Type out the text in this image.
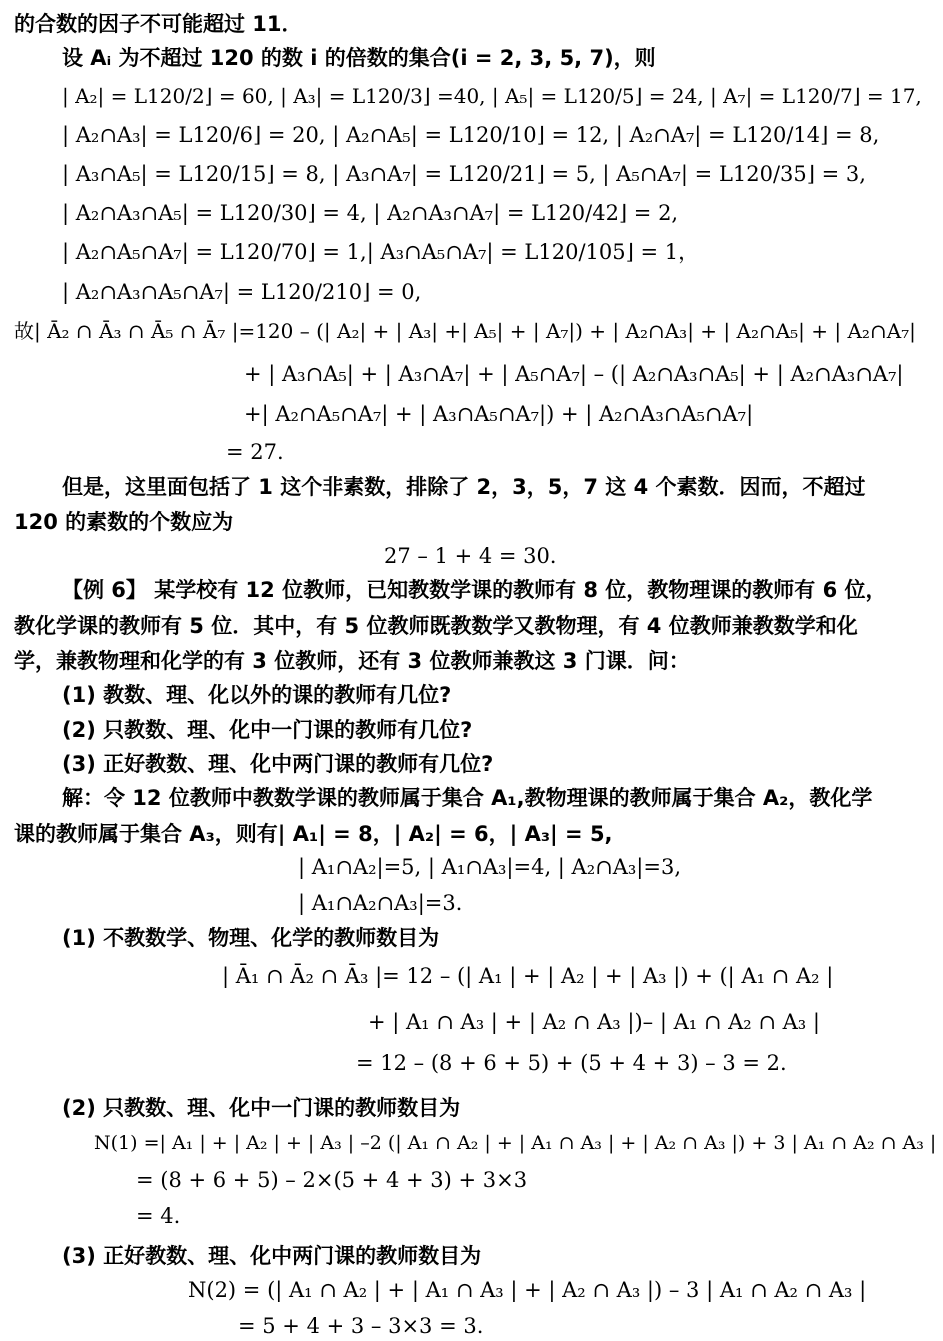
的合数的因子不可能超过 11．
设 Aᵢ 为不超过 120 的数 i 的倍数的集合(i = 2, 3, 5, 7)，则
| A₂| = L120/2⌋ = 60, | A₃| = L120/3⌋ =40, | A₅| = L120/5⌋ = 24, | A₇| = L120/7⌋ = 17,
| A₂∩A₃| = L120/6⌋ = 20, | A₂∩A₅| = L120/10⌋ = 12, | A₂∩A₇| = L120/14⌋ = 8,
| A₃∩A₅| = L120/15⌋ = 8, | A₃∩A₇| = L120/21⌋ = 5, | A₅∩A₇| = L120/35⌋ = 3,
| A₂∩A₃∩A₅| = L120/30⌋ = 4, | A₂∩A₃∩A₇| = L120/42⌋ = 2,
| A₂∩A₅∩A₇| = L120/70⌋ = 1,| A₃∩A₅∩A₇| = L120/105⌋ = 1，
| A₂∩A₃∩A₅∩A₇| = L120/210⌋ = 0,
故| Ā₂ ∩ Ā₃ ∩ Ā₅ ∩ Ā₇ |=120 – (| A₂| + | A₃| +| A₅| + | A₇|) + | A₂∩A₃| + | A₂∩A₅| + | A₂∩A₇|
+ | A₃∩A₅| + | A₃∩A₇| + | A₅∩A₇| – (| A₂∩A₃∩A₅| + | A₂∩A₃∩A₇|
+| A₂∩A₅∩A₇| + | A₃∩A₅∩A₇|) + | A₂∩A₃∩A₅∩A₇|
= 27.
但是，这里面包括了 1 这个非素数，排除了 2，3，5，7 这 4 个素数．因而，不超过
120 的素数的个数应为
27 – 1 + 4 = 30．
【例 6】 某学校有 12 位教师，已知教数学课的教师有 8 位，教物理课的教师有 6 位，
教化学课的教师有 5 位．其中，有 5 位教师既教数学又教物理，有 4 位教师兼教数学和化
学，兼教物理和化学的有 3 位教师，还有 3 位教师兼教这 3 门课．问：
(1) 教数、理、化以外的课的教师有几位?
(2) 只教数、理、化中一门课的教师有几位?
(3) 正好教数、理、化中两门课的教师有几位?
解：令 12 位教师中教数学课的教师属于集合 A₁,教物理课的教师属于集合 A₂，教化学
课的教师属于集合 A₃，则有| A₁| = 8，| A₂| = 6，| A₃| = 5,
| A₁∩A₂|=5, | A₁∩A₃|=4, | A₂∩A₃|=3,
| A₁∩A₂∩A₃|=3．
(1) 不教数学、物理、化学的教师数目为
| Ā₁ ∩ Ā₂ ∩ Ā₃ |= 12 – (| A₁ | + | A₂ | + | A₃ |) + (| A₁ ∩ A₂ |
+ | A₁ ∩ A₃ | + | A₂ ∩ A₃ |)– | A₁ ∩ A₂ ∩ A₃ |
= 12 – (8 + 6 + 5) + (5 + 4 + 3) – 3 = 2.
(2) 只教数、理、化中一门课的教师数目为
N(1) =| A₁ | + | A₂ | + | A₃ | –2 (| A₁ ∩ A₂ | + | A₁ ∩ A₃ | + | A₂ ∩ A₃ |) + 3 | A₁ ∩ A₂ ∩ A₃ |
= (8 + 6 + 5) – 2×(5 + 4 + 3) + 3×3
= 4.
(3) 正好教数、理、化中两门课的教师数目为
N(2) = (| A₁ ∩ A₂ | + | A₁ ∩ A₃ | + | A₂ ∩ A₃ |) – 3 | A₁ ∩ A₂ ∩ A₃ |
= 5 + 4 + 3 – 3×3 = 3.
